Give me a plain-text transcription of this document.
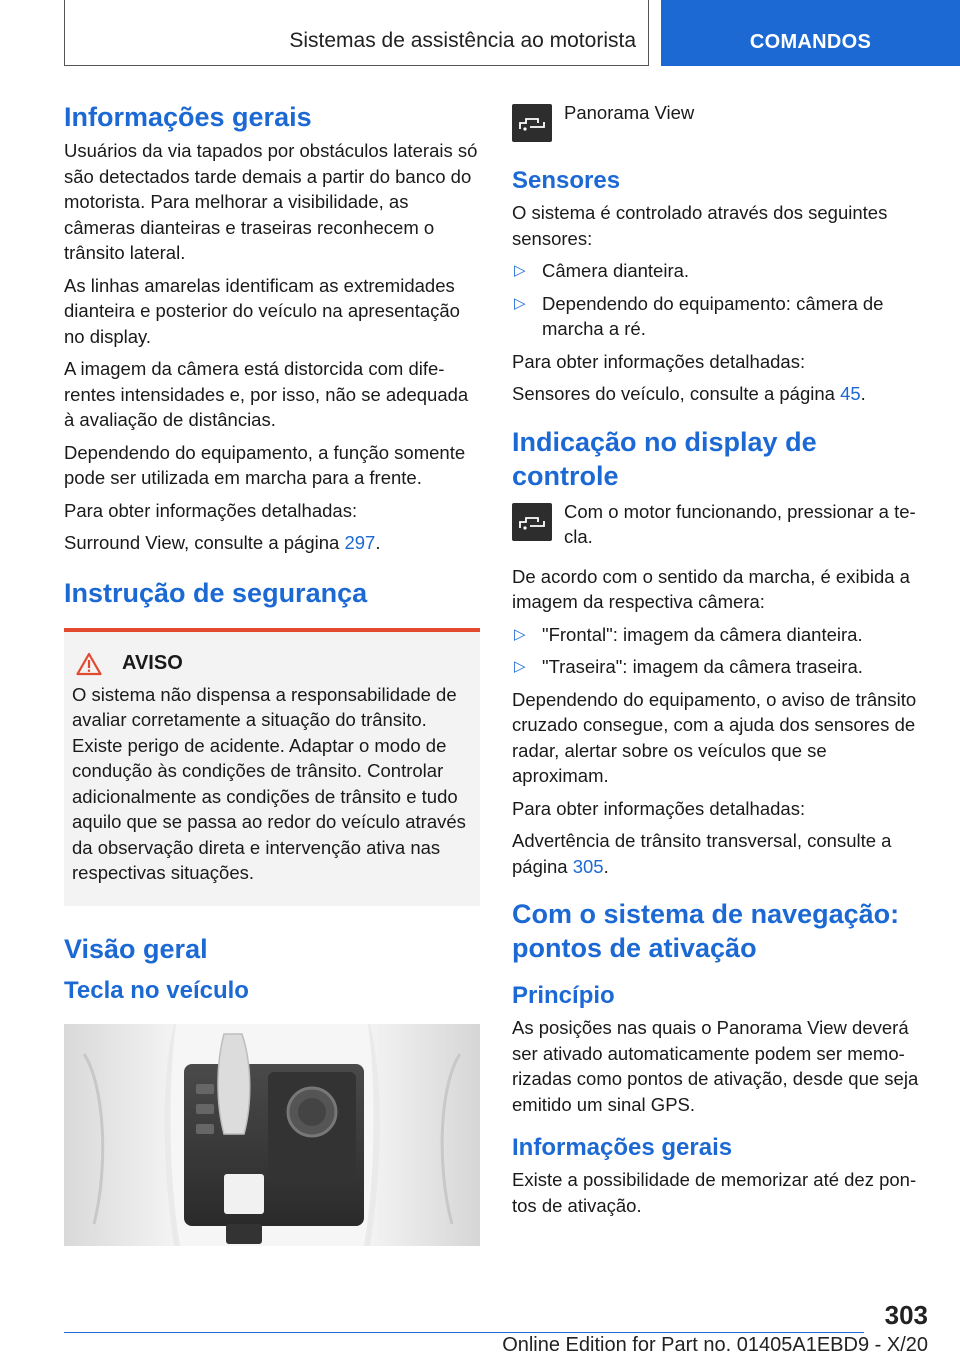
Sistemas de assistência ao motorista	COMANDOS
Informações gerais

Usuários da via tapados por obstáculos laterais só são detectados tarde demais a partir do banco do motorista. Para melhorar a visibilidade, as câmeras dianteiras e traseiras reconhecem o trânsito lateral.

As linhas amarelas identificam as extremidades dianteira e posterior do veículo na apresentação no display.

A imagem da câmera está distorcida com diferentes intensidades e, por isso, não se adequada à avaliação de distâncias.

Dependendo do equipamento, a função somente pode ser utilizada em marcha para a frente.

Para obter informações detalhadas:

Surround View, consulte a página 297.

Instrução de segurança
AVISO

O sistema não dispensa a responsabilidade de avaliar corretamente a situação do trânsito. Existe perigo de acidente. Adaptar o modo de condução às condições de trânsito. Controlar adicionalmente as condições de trânsito e tudo aquilo que se passa ao redor do veículo através da observação direta e intervenção ativa nas respectivas situações.

Visão geral
Tecla no veículo

Panorama View

Sensores

O sistema é controlado através dos seguintes sensores:

▷ Câmera dianteira.
▷ Dependendo do equipamento: câmera de marcha a ré.

Para obter informações detalhadas:

Sensores do veículo, consulte a página 45.

Indicação no display de controle

Com o motor funcionando, pressionar a tecla.

De acordo com o sentido da marcha, é exibida a imagem da respectiva câmera:

▷ "Frontal": imagem da câmera dianteira.
▷ "Traseira": imagem da câmera traseira.

Dependendo do equipamento, o aviso de trânsito cruzado consegue, com a ajuda dos sensores de radar, alertar sobre os veículos que se aproximam.

Para obter informações detalhadas:

Advertência de trânsito transversal, consulte a página 305.

Com o sistema de navegação: pontos de ativação
Princípio

As posições nas quais o Panorama View deverá ser ativado automaticamente podem ser memorizadas como pontos de ativação, desde que seja emitido um sinal GPS.

Informações gerais

Existe a possibilidade de memorizar até dez pontos de ativação.

303
Online Edition for Part no. 01405A1EBD9 - X/20
